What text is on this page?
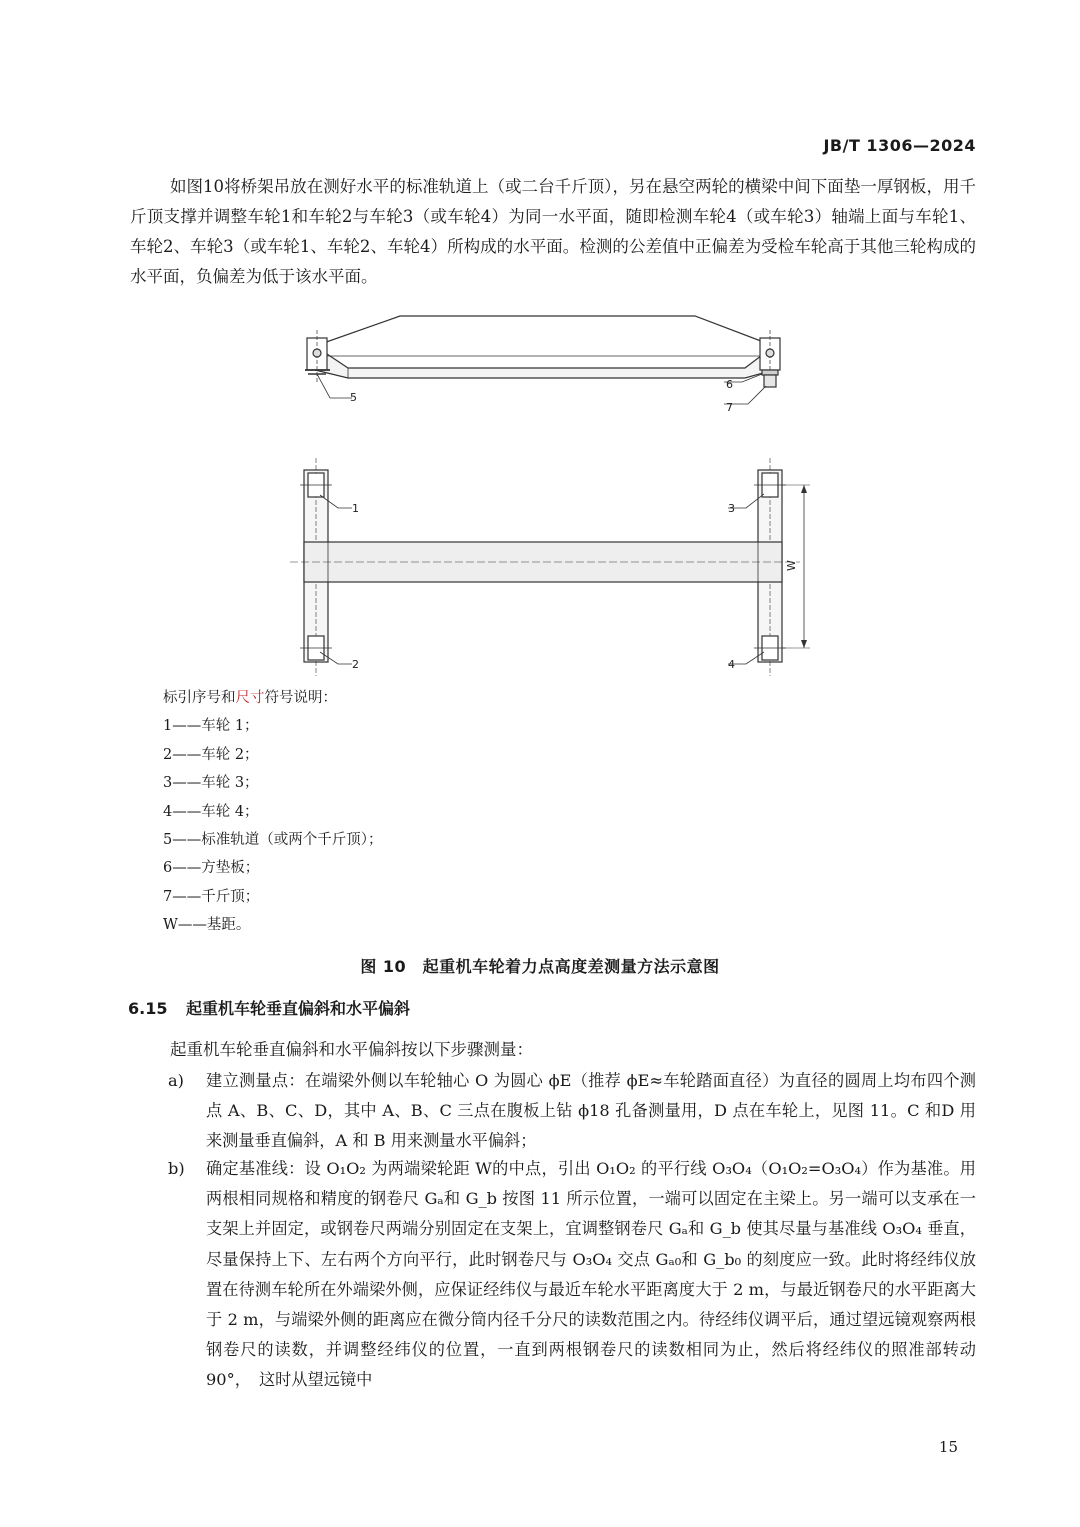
JB/T 1306—2024
如图10将桥架吊放在测好水平的标准轨道上（或二台千斤顶），另在悬空两轮的横梁中间下面垫一厚钢板，用千斤顶支撑并调整车轮1和车轮2与车轮3（或车轮4）为同一水平面，随即检测车轮4（或车轮3）轴端上面与车轮1、车轮2、车轮3（或车轮1、车轮2、车轮4）所构成的水平面。检测的公差值中正偏差为受检车轮高于其他三轮构成的水平面，负偏差为低于该水平面。
5
6
7
1
2
3
4
W
标引序号和尺寸符号说明：
1——车轮 1；
2——车轮 2；
3——车轮 3；
4——车轮 4；
5——标准轨道（或两个千斤顶）；
6——方垫板；
7——千斤顶；
W——基距。
图 10　起重机车轮着力点高度差测量方法示意图
6.15 起重机车轮垂直偏斜和水平偏斜
起重机车轮垂直偏斜和水平偏斜按以下步骤测量：
a) 建立测量点：在端梁外侧以车轮轴心 O 为圆心 ϕE（推荐 ϕE≈车轮踏面直径）为直径的圆周上均布四个测点 A、B、C、D，其中 A、B、C 三点在腹板上钻 ϕ18 孔备测量用，D 点在车轮上，见图 11。C 和D 用来测量垂直偏斜，A 和 B 用来测量水平偏斜；
b) 确定基准线：设 O₁O₂ 为两端梁轮距 W的中点，引出 O₁O₂ 的平行线 O₃O₄（O₁O₂=O₃O₄）作为基准。用两根相同规格和精度的钢卷尺 Gₐ和 G_b 按图 11 所示位置，一端可以固定在主梁上。另一端可以支承在一支架上并固定，或钢卷尺两端分别固定在支架上，宜调整钢卷尺 Gₐ和 G_b 使其尽量与基准线 O₃O₄ 垂直，尽量保持上下、左右两个方向平行，此时钢卷尺与 O₃O₄ 交点 Gₐ₀和 G_b₀ 的刻度应一致。此时将经纬仪放置在待测车轮所在外端梁外侧，应保证经纬仪与最近车轮水平距离度大于 2 m，与最近钢卷尺的水平距离大于 2 m，与端梁外侧的距离应在微分筒内径千分尺的读数范围之内。待经纬仪调平后，通过望远镜观察两根钢卷尺的读数，并调整经纬仪的位置，一直到两根钢卷尺的读数相同为止，然后将经纬仪的照准部转动 90°，　这时从望远镜中
15
